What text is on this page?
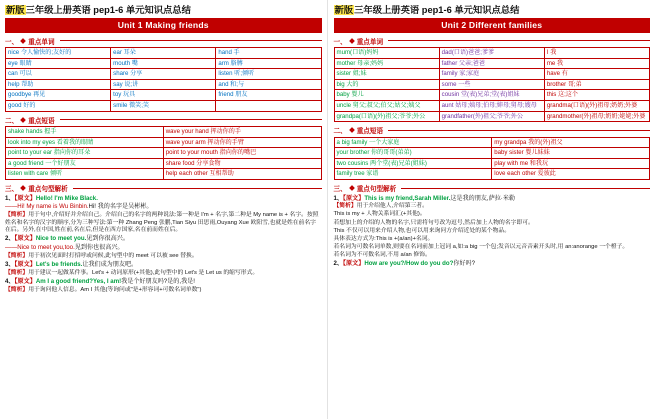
新版三年级上册英语 pep1-6 单元知识点总结
Unit 1 Making friends
一、 重点单词
nice 令人愉快的;友好的	ear 耳朵	hand 手
eye 眼睛	mouth 嘴	arm 胳膊
can 可以	share 分享	listen 听;倾听
help 帮助	say 说;讲	and 和;与
goodbye 再见	toy 玩具	friend 朋友
good 好的	smile 微笑;笑	
二、 重点短语
shake hands 握手	wave your hand 挥动你的手
look into my eyes 看着我的眼睛	wave your arm 挥动你的手臂
point to your ear 指向你的耳朵	point to your mouth 指向你的嘴巴
a good friend 一个好朋友	share food 分享食物
listen with care 倾听	help each other 互相帮助
三、 重点句型解析

1、【原文】Hello! I'm Mike Black.

——Hi! My name is Wu Binbin.Hi! 我的名字是吴彬彬。

【简析】用于句中,介绍好并介绍自己。介绍自己的名字的两种说法:第一种是 I'm + 名字,第二种是 My name is + 名字。按照姓名和名字的汉字的顺序,分为三种写法:第一种 Zhang Peng 张鹏,Tian Siyu 田思雨,Ouyang Xue 欧阳雪,也就是姓在前名字在后。另外,在中国,姓在前,名在后,但是在西方国家,名在前而姓在后。

2、【原文】Nice to meet you.见到你很高兴。

——Nice to meet you,too.见到你也很高兴。

【简析】用于初次见面时打招呼或问候,此句型中的 meet 可以被 see 替换。

3、【原文】Let's be friends.让我们成为朋友吧。

【简析】用于建议一起做某件事。Let's + 动词原形(+其他),此句型中的 Let's 是 Let us 的缩写形式。

4、【原文】Am I a good friend?Yes, I am!我是个好朋友吗?是的,我是!

【简析】用于询问他人信息。Am I 其他(等询问或"是+形容词+可数名词单数")

新版三年级上册英语 pep1-6 单元知识点总结
Unit 2 Different families
一、 重点单词
mum(口语)妈妈	dad(口语)爸爸;爹爹	I 我
mother 母亲;妈妈	father 父亲;爸爸	me 我
sister 姐;妹	family 家;家庭	have 有
big 大的	some 一些	brother 哥;弟
baby 婴儿	cousin 堂(表)兄弟;堂(表)姐妹	this 这;这个
uncle 舅父;叔父;伯父;姑父;姨父	aunt 姑母;姨母;伯母;婶母;舅母;嫂母	grandma(口语)(外)祖母;奶奶;外婆
grandpa(口语)(外)祖父;爷爷;外公	grandfather(外)祖父;爷爷;外公	grandmother(外)祖母;奶奶;姥姥;外婆
二、 重点短语
a big family 一个大家庭	my grandpa 我的(外)祖父
your brother 你的哥哥(弟弟)	baby sister 婴儿妹妹
two cousins 两个堂(表)兄弟(姐妹)	play with me 和我玩
family tree 家谱	love each other 爱彼此
三、 重点句型解析

1、【原文】This is my friend,Sarah Miller.这是我的朋友,萨拉·米勒

【简析】用于介绍他人,介绍第三者。

This is my + 人物关系词汇(+其他)。

若想加上的介绍的人物的名字,只需将句号改为逗号,然后加上人物的名字即可。

This 不仅可以用来介绍人物,也可以用来询问方介绍近处的某个物品。

具体表达方式为:This is +(a/an)+名词。

若名词为可数名词单数,则要在名词前加上冠词 a,如:a big 一个包;发音以元音音素开头时,用 an:anorange 一个橙子。

若名词为不可数名词,不用 a/an 修饰。

2、【原文】How are you?/How do you do?你好吗?
